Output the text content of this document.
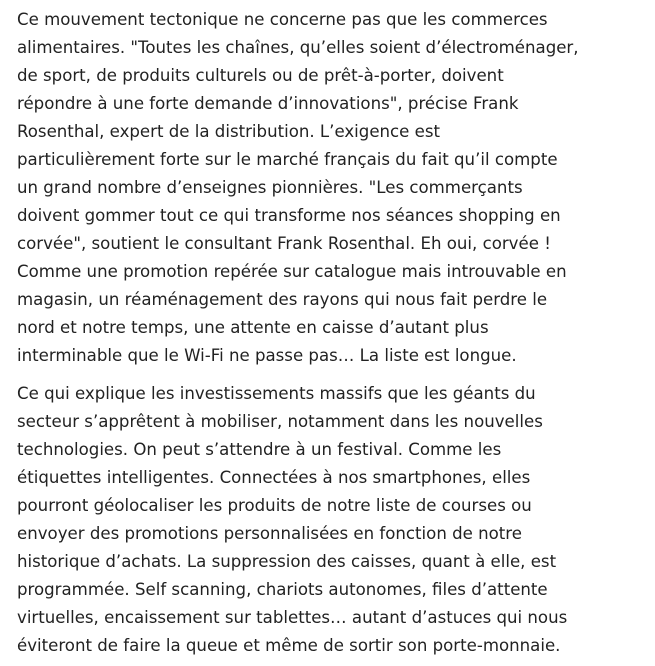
Ce mouvement tectonique ne concerne pas que les commerces
alimentaires. "Toutes les chaînes, qu’elles soient d’électroménager,
de sport, de produits culturels ou de prêt-à-porter, doivent
répondre à une forte demande d’innovations", précise Frank
Rosenthal, expert de la distribution. L’exigence est
particulièrement forte sur le marché français du fait qu’il compte
un grand nombre d’enseignes pionnières. "Les commerçants
doivent gommer tout ce qui transforme nos séances shopping en
corvée", soutient le consultant Frank Rosenthal. Eh oui, corvée !
Comme une promotion repérée sur catalogue mais introuvable en
magasin, un réaménagement des rayons qui nous fait perdre le
nord et notre temps, une attente en caisse d’autant plus
interminable que le Wi-Fi ne passe pas… La liste est longue.

Ce qui explique les investissements massifs que les géants du
secteur s’apprêtent à mobiliser, notamment dans les nouvelles
technologies. On peut s’attendre à un festival. Comme les
étiquettes intelligentes. Connectées à nos smartphones, elles
pourront géolocaliser les produits de notre liste de courses ou
envoyer des promotions personnalisées en fonction de notre
historique d’achats. La suppression des caisses, quant à elle, est
programmée. Self scanning, chariots autonomes, files d’attente
virtuelles, encaissement sur tablettes… autant d’astuces qui nous
éviteront de faire la queue et même de sortir son porte-monnaie.
